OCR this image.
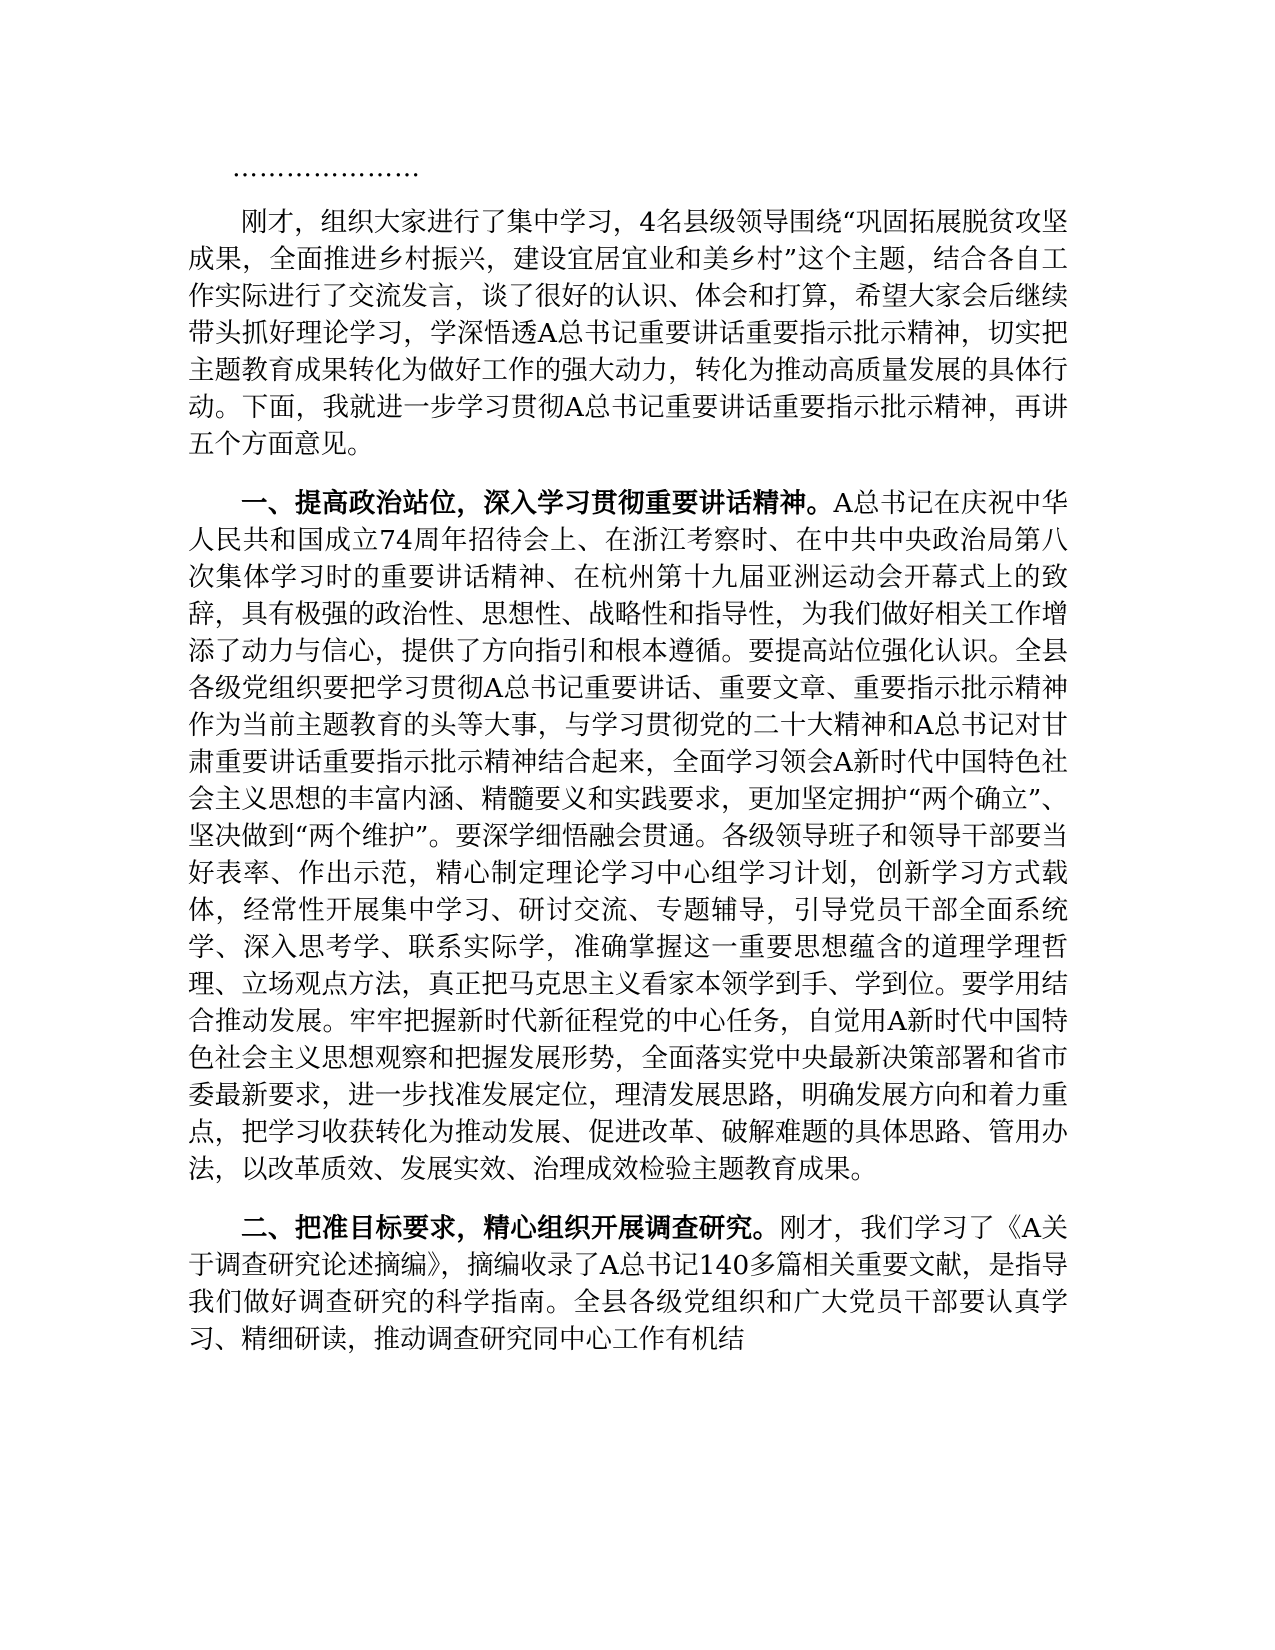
…………………

刚才，组织大家进行了集中学习，4名县级领导围绕“巩固拓展脱贫攻坚成果，全面推进乡村振兴，建设宜居宜业和美乡村”这个主题，结合各自工作实际进行了交流发言，谈了很好的认识、体会和打算，希望大家会后继续带头抓好理论学习，学深悟透A总书记重要讲话重要指示批示精神，切实把主题教育成果转化为做好工作的强大动力，转化为推动高质量发展的具体行动。下面，我就进一步学习贯彻A总书记重要讲话重要指示批示精神，再讲五个方面意见。

一、提高政治站位，深入学习贯彻重要讲话精神。A总书记在庆祝中华人民共和国成立74周年招待会上、在浙江考察时、在中共中央政治局第八次集体学习时的重要讲话精神、在杭州第十九届亚洲运动会开幕式上的致辞，具有极强的政治性、思想性、战略性和指导性，为我们做好相关工作增添了动力与信心，提供了方向指引和根本遵循。要提高站位强化认识。全县各级党组织要把学习贯彻A总书记重要讲话、重要文章、重要指示批示精神作为当前主题教育的头等大事，与学习贯彻党的二十大精神和A总书记对甘肃重要讲话重要指示批示精神结合起来，全面学习领会A新时代中国特色社会主义思想的丰富内涵、精髓要义和实践要求，更加坚定拥护“两个确立”、坚决做到“两个维护”。要深学细悟融会贯通。各级领导班子和领导干部要当好表率、作出示范，精心制定理论学习中心组学习计划，创新学习方式载体，经常性开展集中学习、研讨交流、专题辅导，引导党员干部全面系统学、深入思考学、联系实际学，准确掌握这一重要思想蕴含的道理学理哲理、立场观点方法，真正把马克思主义看家本领学到手、学到位。要学用结合推动发展。牢牢把握新时代新征程党的中心任务，自觉用A新时代中国特色社会主义思想观察和把握发展形势，全面落实党中央最新决策部署和省市委最新要求，进一步找准发展定位，理清发展思路，明确发展方向和着力重点，把学习收获转化为推动发展、促进改革、破解难题的具体思路、管用办法，以改革质效、发展实效、治理成效检验主题教育成果。

二、把准目标要求，精心组织开展调查研究。刚才，我们学习了《A关于调查研究论述摘编》，摘编收录了A总书记140多篇相关重要文献，是指导我们做好调查研究的科学指南。全县各级党组织和广大党员干部要认真学习、精细研读，推动调查研究同中心工作有机结
